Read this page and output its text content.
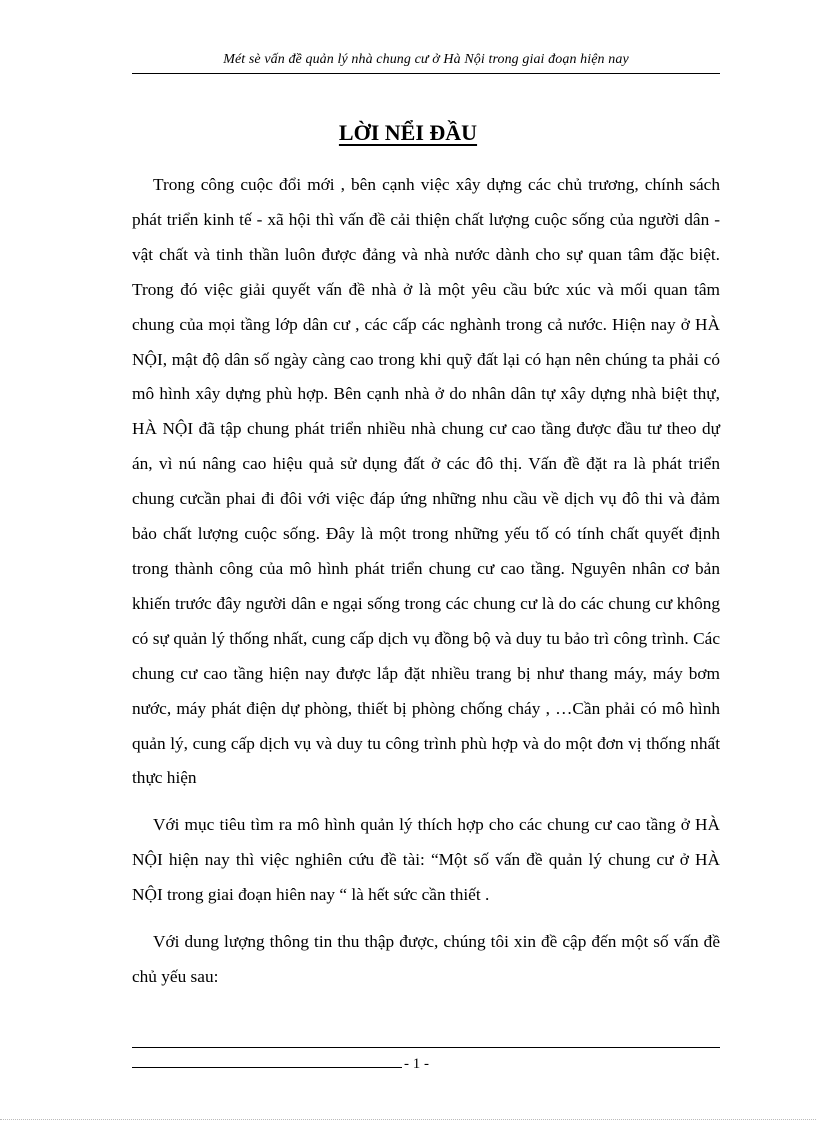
Mét sè vấn đề quản lý nhà chung cư ở Hà Nội trong giai đoạn hiện nay
LỜI NỂI ĐẦU

Trong công cuộc đổi mới , bên cạnh việc xây dựng các chủ trương, chính sách phát triển kinh tế - xã hội thì vấn đề cải thiện chất lượng cuộc sống của người dân - vật chất và tinh thần luôn được đảng và nhà nước dành cho sự quan tâm đặc biệt. Trong đó việc giải quyết vấn đề nhà ở là một yêu cầu bức xúc và mối quan tâm chung của mọi tầng lớp dân cư , các cấp các nghành trong cả nước. Hiện nay ở HÀ NỘI, mật độ dân số ngày càng cao trong khi quỹ đất lại có hạn nên chúng ta phải có mô hình xây dựng phù hợp. Bên cạnh nhà ở do nhân dân tự xây dựng nhà biệt thự, HÀ NỘI đã tập chung phát triển nhiều nhà chung cư cao tầng được đầu tư theo dự án, vì nú nâng cao hiệu quả sử dụng đất ở các đô thị. Vấn đề đặt ra là phát triển chung cưcần phai đi đôi với việc đáp ứng những nhu cầu về dịch vụ đô thi và đảm bảo chất lượng cuộc sống. Đây là một trong những yếu tố có tính chất quyết định trong thành công của mô hình phát triển chung cư cao tầng. Nguyên nhân cơ bản khiến trước đây người dân e ngại sống trong các chung cư là do các chung cư không có sự quản lý thống nhất, cung cấp dịch vụ đồng bộ và duy tu bảo trì công trình. Các chung cư cao tầng hiện nay được lắp đặt nhiều trang bị như thang máy, máy bơm nước, máy phát điện dự phòng, thiết bị phòng chống cháy , …Cần phải có mô hình quản lý, cung cấp dịch vụ và duy tu công trình phù hợp và do một đơn vị thống nhất thực hiện

Với mục tiêu tìm ra mô hình quản lý thích hợp cho các chung cư cao tầng ở HÀ NỘI hiện nay thì việc nghiên cứu đề tài: “Một số vấn đề quản lý chung cư ở HÀ NỘI trong giai đoạn hiên nay “ là hết sức cần thiết .

Với dung lượng thông tin thu thập được, chúng tôi xin đề cập đến một số vấn đề chủ yếu sau:

- 1 -
